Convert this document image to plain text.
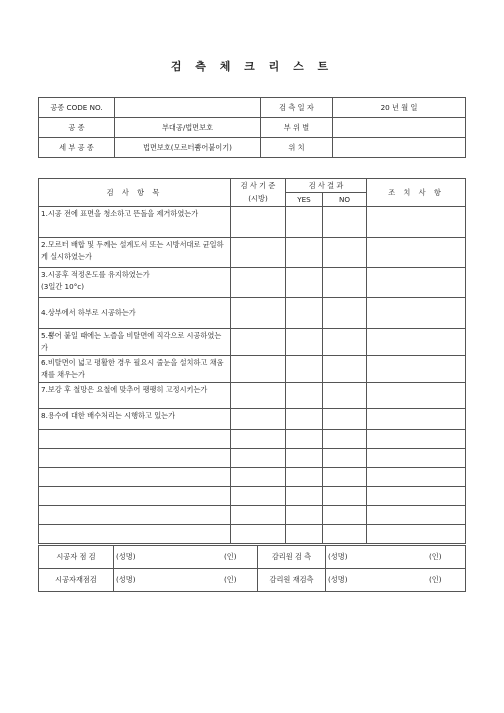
검 측 체 크 리 스 트
공종 CODE NO.		검 측 일 자	20 년 월 일
공 종	부대공/법면보호	부 위 별	
세 부 공 종	법면보호(모르터뿜어붙이기)	위 치	
검 사 항 목	검 사 기 준	검 사 결 과		조 치 사 항
	(시방)	YES	NO	
1.시공 전에 표면을 청소하고 뜬돌을 제거하였는가				
2.모르터 배합 및 두께는 설계도서 또는 시방서대로 균일하게 실시하였는가				
3.시공후 적정온도를 유지하였는가
(3일간 10°c)				
4.상부에서 하부로 시공하는가				
5.뿜어 붙일 때에는 노즐을 비탈면에 직각으로 시공하였는가				
6.비탈면이 넓고 평활한 경우 필요시 줄눈을 설치하고 채움재를 채우는가				
7.보강 후 철망은 요철에 맞추어 팽팽히 고정시키는가				
8.용수에 대한 배수처리는 시행하고 있는가				

시공자 점 검	(성명)	(인)	감리원 검 측	(성명)	(인)
시공자재점검	(성명)	(인)	감리원 재검측	(성명)	(인)
